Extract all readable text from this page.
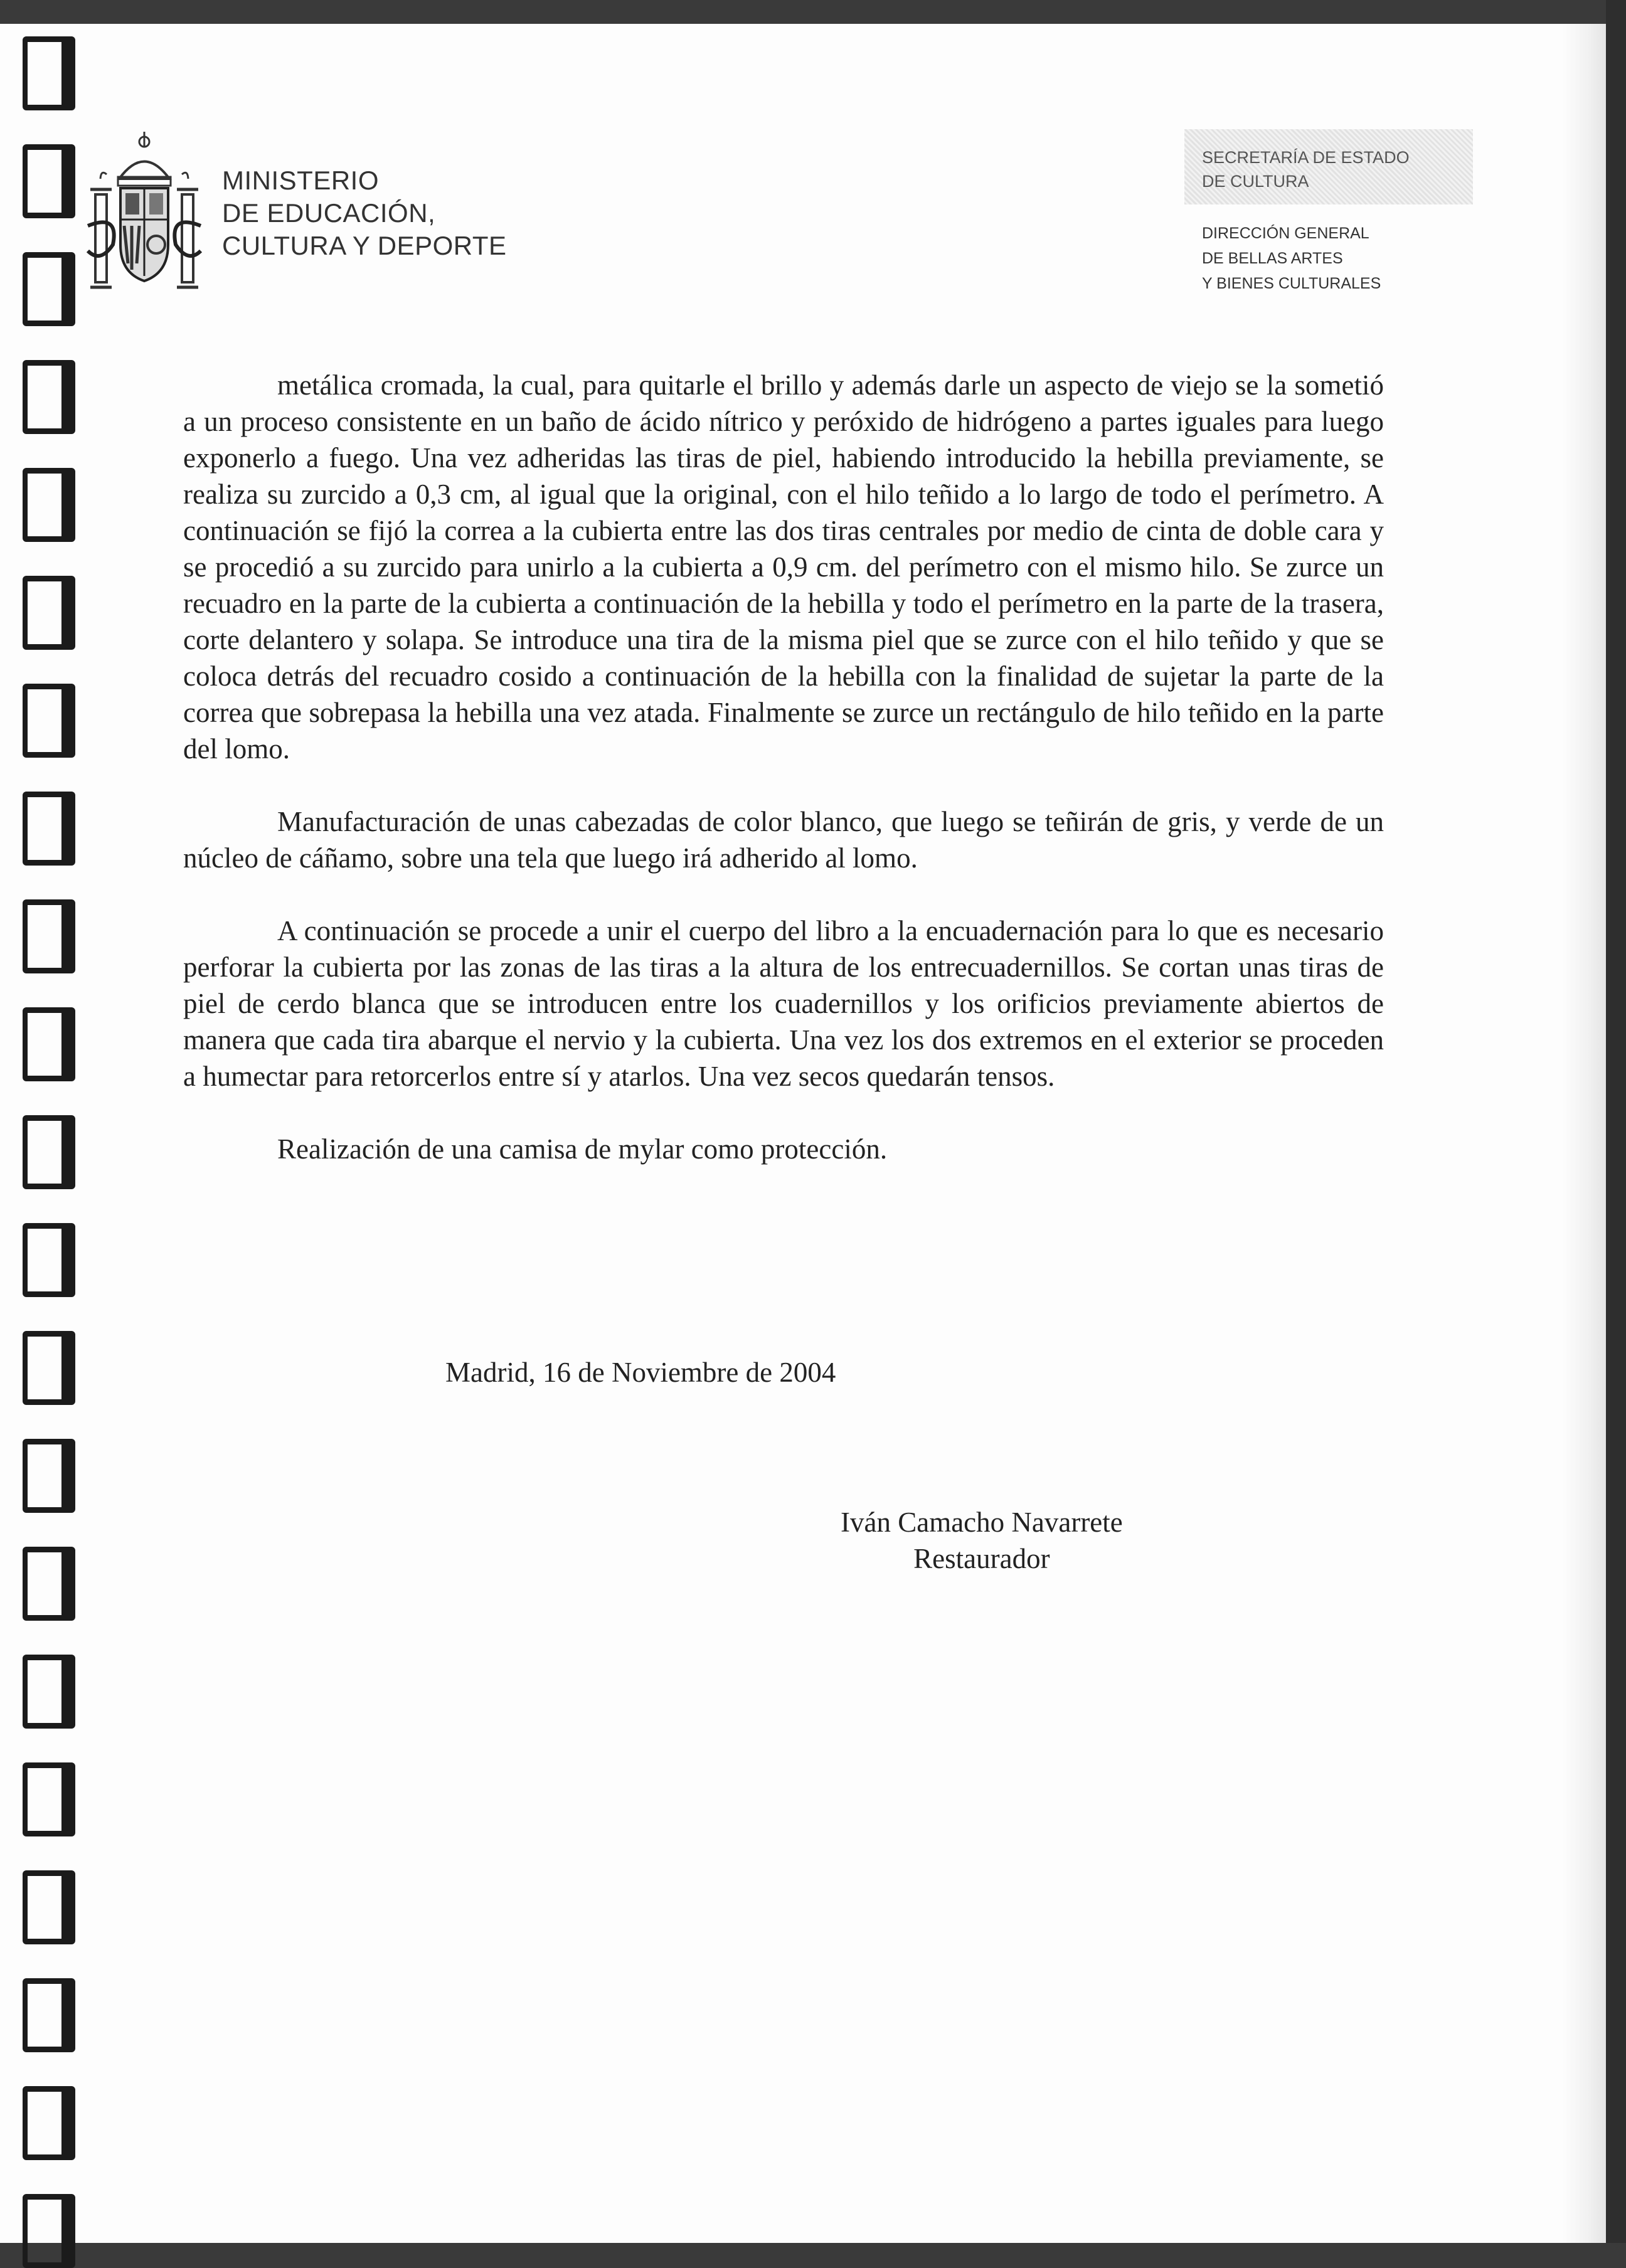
MINISTERIO
DE EDUCACIÓN,
CULTURA Y DEPORTE
SECRETARÍA DE ESTADO
DE CULTURA
DIRECCIÓN GENERAL
DE BELLAS ARTES
Y BIENES CULTURALES

metálica cromada, la cual, para quitarle el brillo y además darle un aspecto de viejo se la sometió a un proceso consistente en un baño de ácido nítrico y peróxido de hidrógeno a partes iguales para luego exponerlo a fuego. Una vez adheridas las tiras de piel, habiendo introducido la hebilla previamente, se realiza su zurcido a 0,3 cm, al igual que la original, con el hilo teñido a lo largo de todo el perímetro. A continuación se fijó la correa a la cubierta entre las dos tiras centrales por medio de cinta de doble cara y se procedió a su zurcido para unirlo a la cubierta a 0,9 cm. del perímetro con el mismo hilo. Se zurce un recuadro en la parte de la cubierta a continuación de la hebilla y todo el perímetro en la parte de la trasera, corte delantero y solapa. Se introduce una tira de la misma piel que se zurce con el hilo teñido y que se coloca detrás del recuadro cosido a continuación de la hebilla con la finalidad de sujetar la parte de la correa que sobrepasa la hebilla una vez atada. Finalmente se zurce un rectángulo de hilo teñido en la parte del lomo.

Manufacturación de unas cabezadas de color blanco, que luego se teñirán de gris, y verde de un núcleo de cáñamo, sobre una tela que luego irá adherido al lomo.

A continuación se procede a unir el cuerpo del libro a la encuadernación para lo que es necesario perforar la cubierta por las zonas de las tiras a la altura de los entrecuadernillos. Se cortan unas tiras de piel de cerdo blanca que se introducen entre los cuadernillos y los orificios previamente abiertos de manera que cada tira abarque el nervio y la cubierta. Una vez los dos extremos en el exterior se proceden a humectar para retorcerlos entre sí y atarlos. Una vez secos quedarán tensos.

Realización de una camisa de mylar como protección.

Madrid, 16 de Noviembre de 2004
Iván Camacho Navarrete
Restaurador
